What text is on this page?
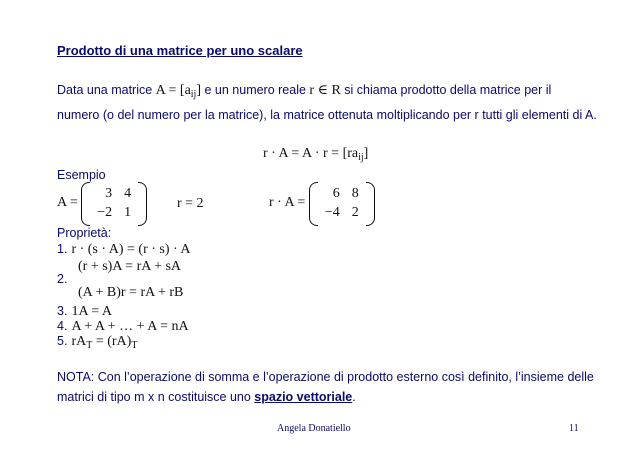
Prodotto di una matrice per uno scalare
Data una matrice $A = [a_{ij}]$ e un numero reale r ∈ R si chiama prodotto della matrice per il numero (o del numero per la matrice), la matrice ottenuta moltiplicando per r tutti gli elementi di A.
$r \cdot A = A \cdot r = [ra_{ij}]$
Esempio
A =
3	4
−2	1
r = 2	r · A =
6	8
−4	2
Proprietà:
1. r · (s · A) = (r · s) · A
(r + s)A = rA + sA
2.
(A + B)r = rA + rB
3. 1A = A
4. A + A + … + A = nA
5. $rA_T = (rA)_T$
NOTA: Con l’operazione di somma e l’operazione di prodotto esterno così definito, l’insieme delle matrici di tipo m x n costituisce uno spazio vettoriale.
Angela Donatiello	11
